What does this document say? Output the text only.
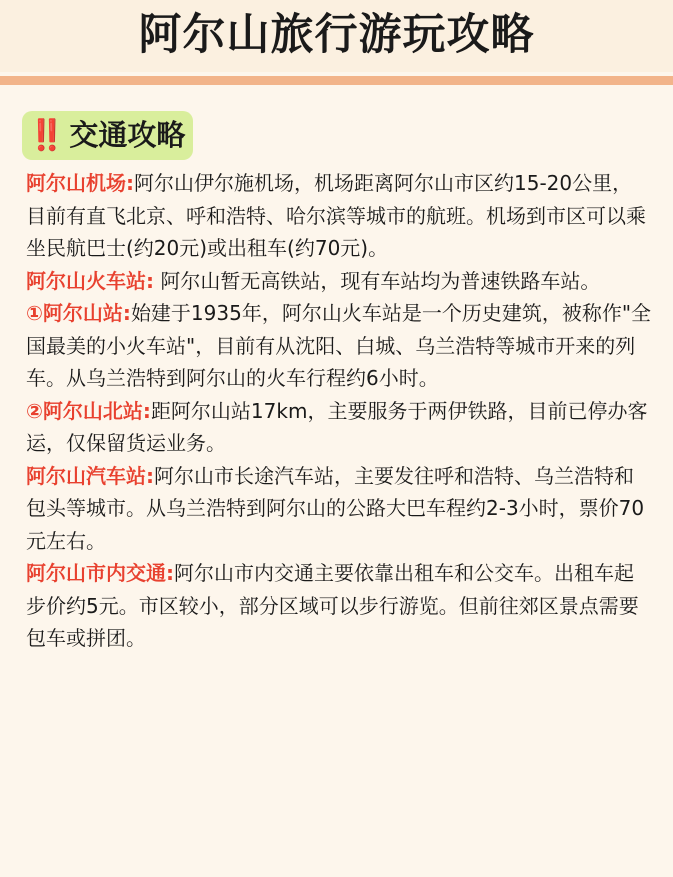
阿尔山旅行游玩攻略
‼️ 交通攻略

阿尔山机场:阿尔山伊尔施机场，机场距离阿尔山市区约15-20公里，目前有直飞北京、呼和浩特、哈尔滨等城市的航班。机场到市区可以乘坐民航巴士(约20元)或出租车(约70元)。

阿尔山火车站: 阿尔山暂无高铁站，现有车站均为普速铁路车站。

①阿尔山站:始建于1935年，阿尔山火车站是一个历史建筑，被称作"全国最美的小火车站"，目前有从沈阳、白城、乌兰浩特等城市开来的列车。从乌兰浩特到阿尔山的火车行程约6小时。

②阿尔山北站:距阿尔山站17km，主要服务于两伊铁路，目前已停办客运，仅保留货运业务。

阿尔山汽车站:阿尔山市长途汽车站，主要发往呼和浩特、乌兰浩特和包头等城市。从乌兰浩特到阿尔山的公路大巴车程约2-3小时，票价70元左右。

阿尔山市内交通:阿尔山市内交通主要依靠出租车和公交车。出租车起步价约5元。市区较小，部分区域可以步行游览。但前往郊区景点需要包车或拼团。
